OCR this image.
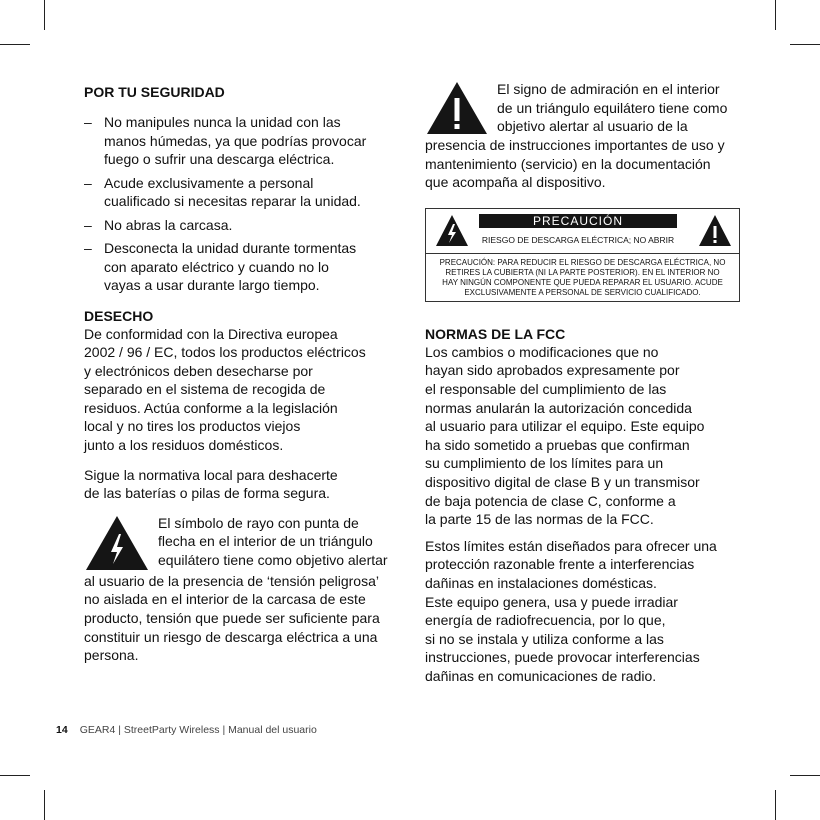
POR TU SEGURIDAD
– No manipules nunca la unidad con las
manos húmedas, ya que podrías provocar
fuego o sufrir una descarga eléctrica.
– Acude exclusivamente a personal
cualificado si necesitas reparar la unidad.
– No abras la carcasa.
– Desconecta la unidad durante tormentas
con aparato eléctrico y cuando no lo
vayas a usar durante largo tiempo.
DESECHO

De conformidad con la Directiva europea
2002 / 96 / EC, todos los productos eléctricos
y electrónicos deben desecharse por
separado en el sistema de recogida de
residuos. Actúa conforme a la legislación
local y no tires los productos viejos
junto a los residuos domésticos.

Sigue la normativa local para deshacerte
de las baterías o pilas de forma segura.

El símbolo de rayo con punta de
flecha en el interior de un triángulo
equilátero tiene como objetivo alertar

al usuario de la presencia de ‘tensión peligrosa’
no aislada en el interior de la carcasa de este
producto, tensión que puede ser suficiente para
constituir un riesgo de descarga eléctrica a una
persona.

El signo de admiración en el interior
de un triángulo equilátero tiene como
objetivo alertar al usuario de la

presencia de instrucciones importantes de uso y
mantenimiento (servicio) en la documentación
que acompaña al dispositivo.

PRECAUCIÓN
RIESGO DE DESCARGA ELÉCTRICA; NO ABRIR
PRECAUCIÓN: PARA REDUCIR EL RIESGO DE DESCARGA ELÉCTRICA, NO
RETIRES LA CUBIERTA (NI LA PARTE POSTERIOR). EN EL INTERIOR NO
HAY NINGÚN COMPONENTE QUE PUEDA REPARAR EL USUARIO. ACUDE
EXCLUSIVAMENTE A PERSONAL DE SERVICIO CUALIFICADO.
NORMAS DE LA FCC

Los cambios o modificaciones que no
hayan sido aprobados expresamente por
el responsable del cumplimiento de las
normas anularán la autorización concedida
al usuario para utilizar el equipo. Este equipo
ha sido sometido a pruebas que confirman
su cumplimiento de los límites para un
dispositivo digital de clase B y un transmisor
de baja potencia de clase C, conforme a
la parte 15 de las normas de la FCC.

Estos límites están diseñados para ofrecer una
protección razonable frente a interferencias
dañinas en instalaciones domésticas.
Este equipo genera, usa y puede irradiar
energía de radiofrecuencia, por lo que,
si no se instala y utiliza conforme a las
instrucciones, puede provocar interferencias
dañinas en comunicaciones de radio.

14 GEAR4 | StreetParty Wireless | Manual del usuario
